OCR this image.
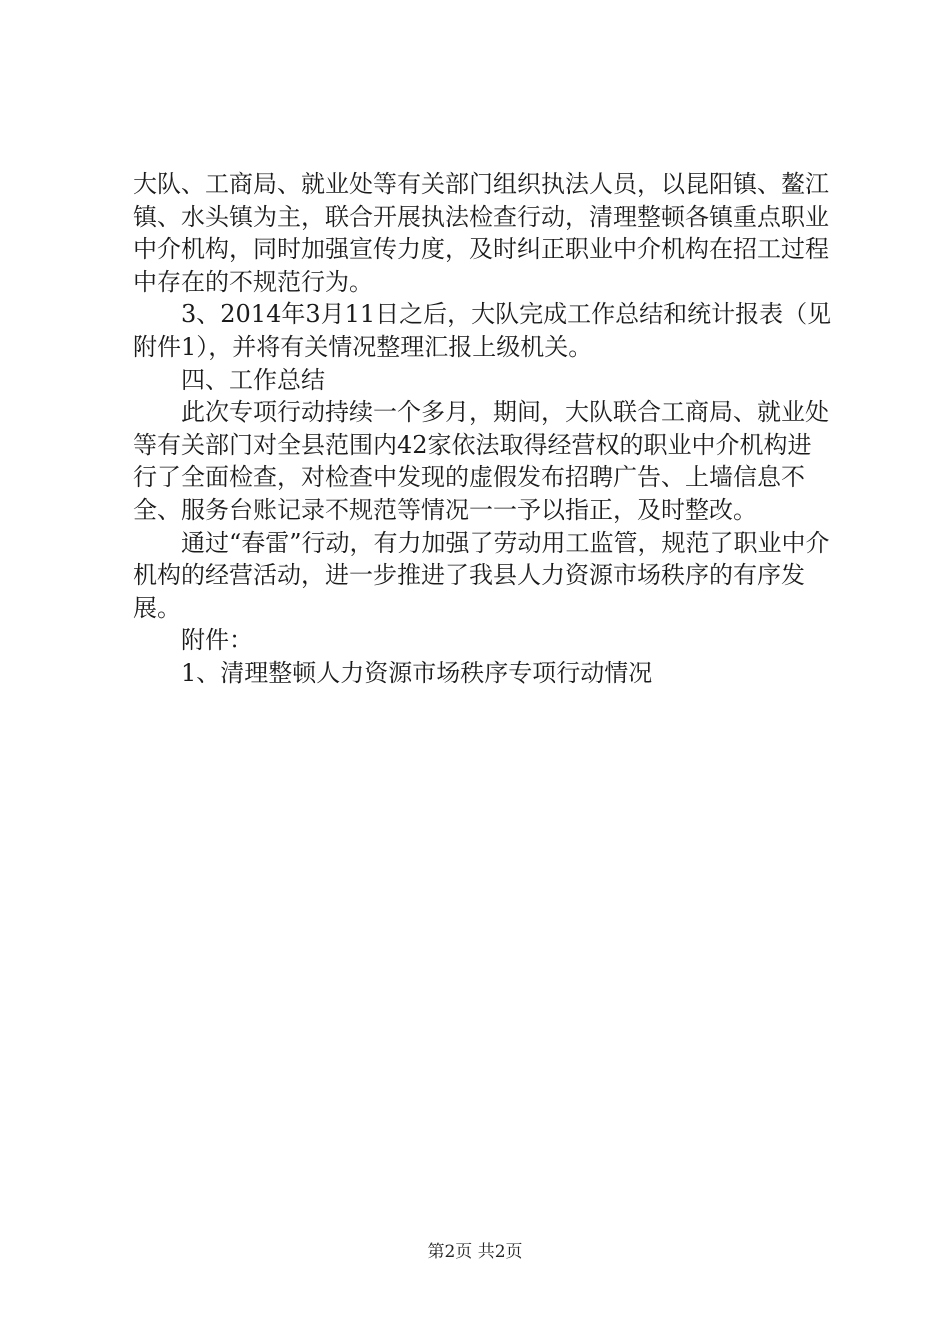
大队、工商局、就业处等有关部门组织执法人员，以昆阳镇、鳌江镇、水头镇为主，联合开展执法检查行动，清理整顿各镇重点职业中介机构，同时加强宣传力度，及时纠正职业中介机构在招工过程中存在的不规范行为。

3、2014年3月11日之后，大队完成工作总结和统计报表（见附件1），并将有关情况整理汇报上级机关。

四、工作总结

此次专项行动持续一个多月，期间，大队联合工商局、就业处等有关部门对全县范围内42家依法取得经营权的职业中介机构进行了全面检查，对检查中发现的虚假发布招聘广告、上墙信息不全、服务台账记录不规范等情况一一予以指正，及时整改。

通过“春雷”行动，有力加强了劳动用工监管，规范了职业中介机构的经营活动，进一步推进了我县人力资源市场秩序的有序发展。

附件：

1、清理整顿人力资源市场秩序专项行动情况

第2页 共2页
